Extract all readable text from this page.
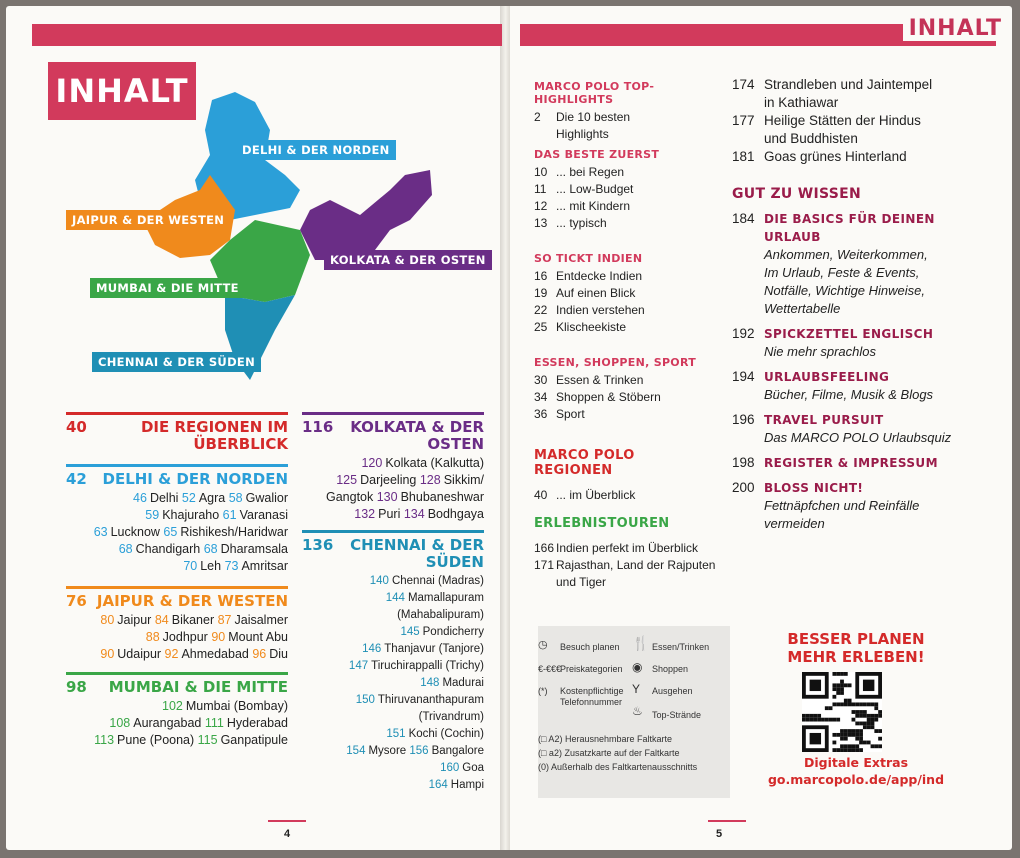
INHALT
INHALT
DELHI & DER NORDEN
JAIPUR & DER WESTEN
MUMBAI & DIE MITTE
KOLKATA & DER OSTEN
CHENNAI & DER SÜDEN
40	DIE REGIONEN IM
ÜBERBLICK
42 DELHI & DER NORDEN
46 Delhi 52 Agra 58 Gwalior
59 Khajuraho 61 Varanasi
63 Lucknow 65 Rishikesh/Haridwar
68 Chandigarh 68 Dharamsala
70 Leh 73 Amritsar
76 JAIPUR & DER WESTEN
80 Jaipur 84 Bikaner 87 Jaisalmer
88 Jodhpur 90 Mount Abu
90 Udaipur 92 Ahmedabad 96 Diu
98 MUMBAI & DIE MITTE
102 Mumbai (Bombay)
108 Aurangabad 111 Hyderabad
113 Pune (Poona) 115 Ganpatipule
116 KOLKATA & DER
OSTEN
120 Kolkata (Kalkutta)
125 Darjeeling 128 Sikkim/
Gangtok 130 Bhubaneshwar
132 Puri 134 Bodhgaya
136 CHENNAI & DER
SÜDEN
140 Chennai (Madras)
144 Mamallapuram (Mahabalipuram)
145 Pondicherry
146 Thanjavur (Tanjore)
147 Tiruchirappalli (Trichy)
148 Madurai
150 Thiruvananthapuram (Trivandrum)
151 Kochi (Cochin)
154 Mysore 156 Bangalore 160 Goa
164 Hampi
4
MARCO POLO TOP-HIGHLIGHTS
2	Die 10 besten
Highlights
DAS BESTE ZUERST
10 ... bei Regen
11 ... Low-Budget
12 ... mit Kindern
13 ... typisch
SO TICKT INDIEN
16 Entdecke Indien
19 Auf einen Blick
22 Indien verstehen
25 Klischeekiste
ESSEN, SHOPPEN, SPORT
30 Essen & Trinken
34 Shoppen & Stöbern
36 Sport
MARCO POLO REGIONEN
40 ... im Überblick
ERLEBNISTOUREN
166 Indien perfekt im Überblick
171 Rajasthan, Land der Rajputen
und Tiger
174 Strandleben und Jaintempel
in Kathiawar
177 Heilige Stätten der Hindus
und Buddhisten
181 Goas grünes Hinterland
GUT ZU WISSEN
184 DIE BASICS FÜR DEINEN
URLAUB
Ankommen, Weiterkommen,
Im Urlaub, Feste & Events,
Notfälle, Wichtige Hinweise,
Wettertabelle
192 SPICKZETTEL ENGLISCH
Nie mehr sprachlos
194 URLAUBSFEELING
Bücher, Filme, Musik & Blogs
196 TRAVEL PURSUIT
Das MARCO POLO Urlaubsquiz
198 REGISTER & IMPRESSUM
200 BLOSS NICHT!
Fettnäpfchen und Reinfälle
vermeiden
◷ Besuch planen
€-€€€
Preiskategorien
(*) Kostenpflichtige
Telefonnummer
🍴 Essen/Trinken
◉ Shoppen
Y Ausgehen
♨ Top-Strände
(□ A2) Herausnehmbare Faltkarte
(□ a2) Zusatzkarte auf der Faltkarte
(0) Außerhalb des Faltkartenausschnitts
BESSER PLANEN
MEHR ERLEBEN!
Digitale Extras
go.marcopolo.de/app/ind
5
